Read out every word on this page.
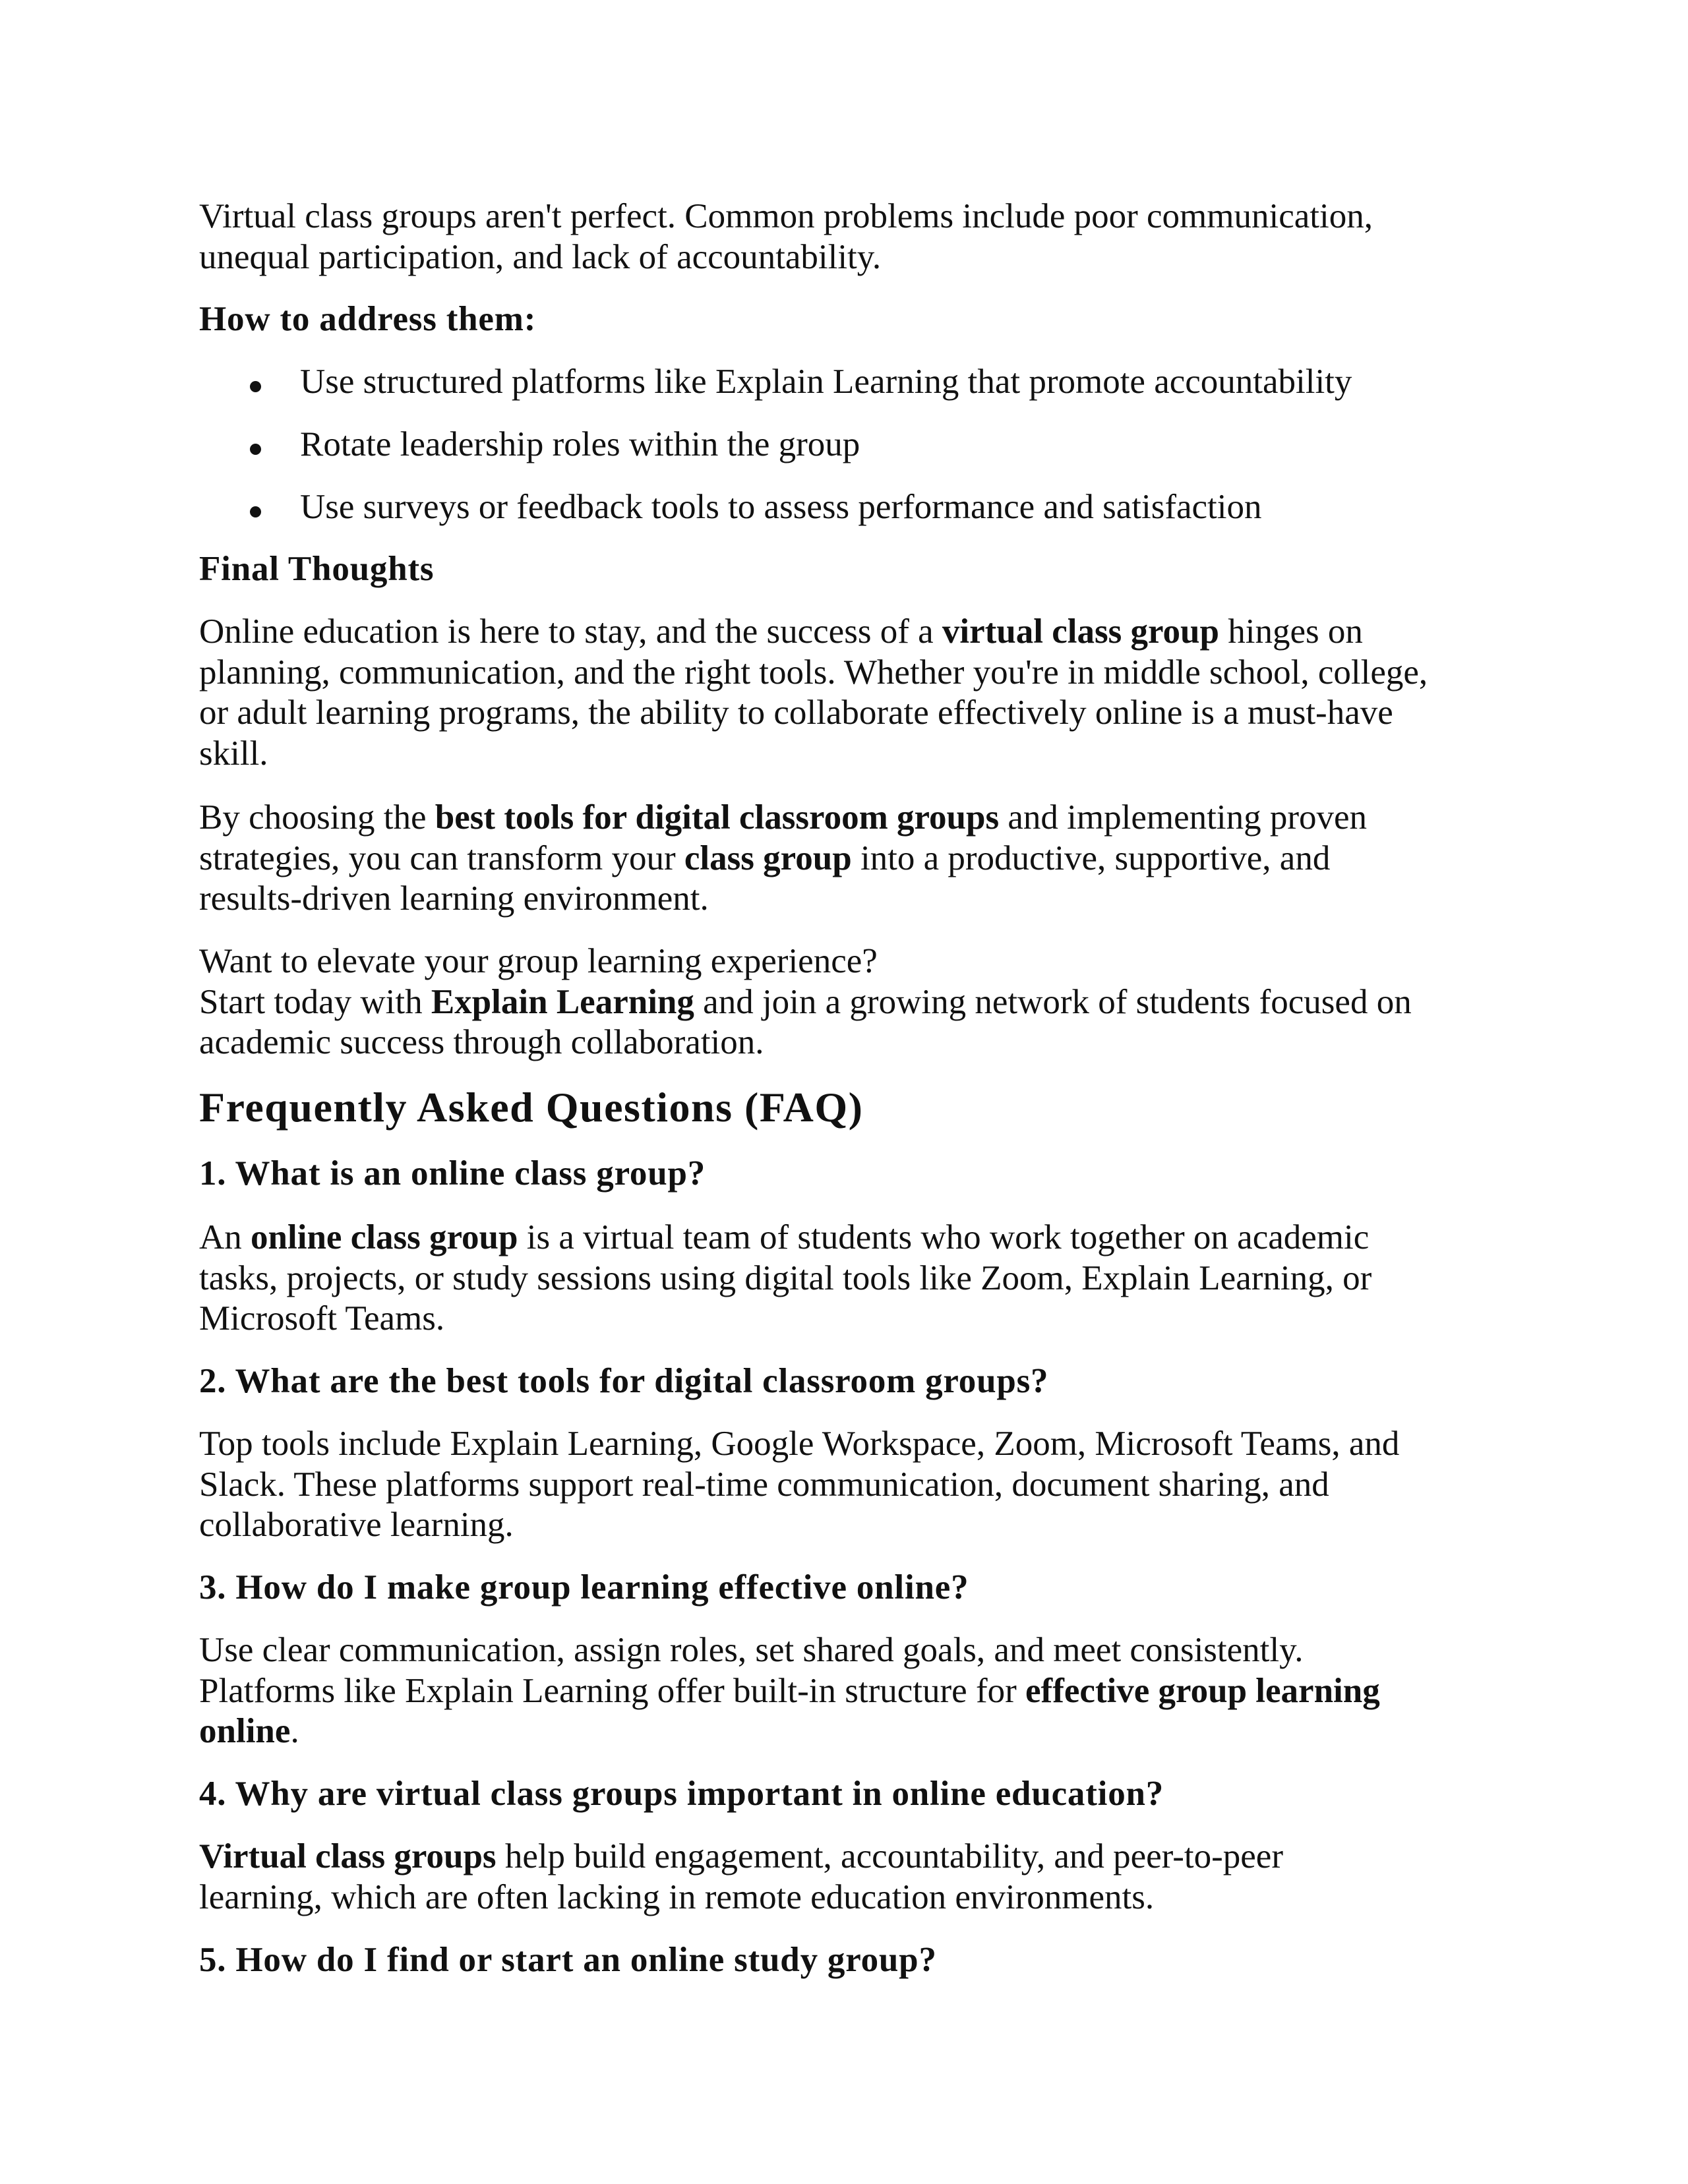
Virtual class groups aren't perfect. Common problems include poor communication,
unequal participation, and lack of accountability.
How to address them:
Use structured platforms like Explain Learning that promote accountability
Rotate leadership roles within the group
Use surveys or feedback tools to assess performance and satisfaction
Final Thoughts
Online education is here to stay, and the success of a virtual class group hinges on
planning, communication, and the right tools. Whether you're in middle school, college,
or adult learning programs, the ability to collaborate effectively online is a must-have
skill.
By choosing the best tools for digital classroom groups and implementing proven
strategies, you can transform your class group into a productive, supportive, and
results-driven learning environment.
Want to elevate your group learning experience?
Start today with Explain Learning and join a growing network of students focused on
academic success through collaboration.
Frequently Asked Questions (FAQ)
1. What is an online class group?
An online class group is a virtual team of students who work together on academic
tasks, projects, or study sessions using digital tools like Zoom, Explain Learning, or
Microsoft Teams.
2. What are the best tools for digital classroom groups?
Top tools include Explain Learning, Google Workspace, Zoom, Microsoft Teams, and
Slack. These platforms support real-time communication, document sharing, and
collaborative learning.
3. How do I make group learning effective online?
Use clear communication, assign roles, set shared goals, and meet consistently.
Platforms like Explain Learning offer built-in structure for effective group learning
online.
4. Why are virtual class groups important in online education?
Virtual class groups help build engagement, accountability, and peer-to-peer
learning, which are often lacking in remote education environments.
5. How do I find or start an online study group?
